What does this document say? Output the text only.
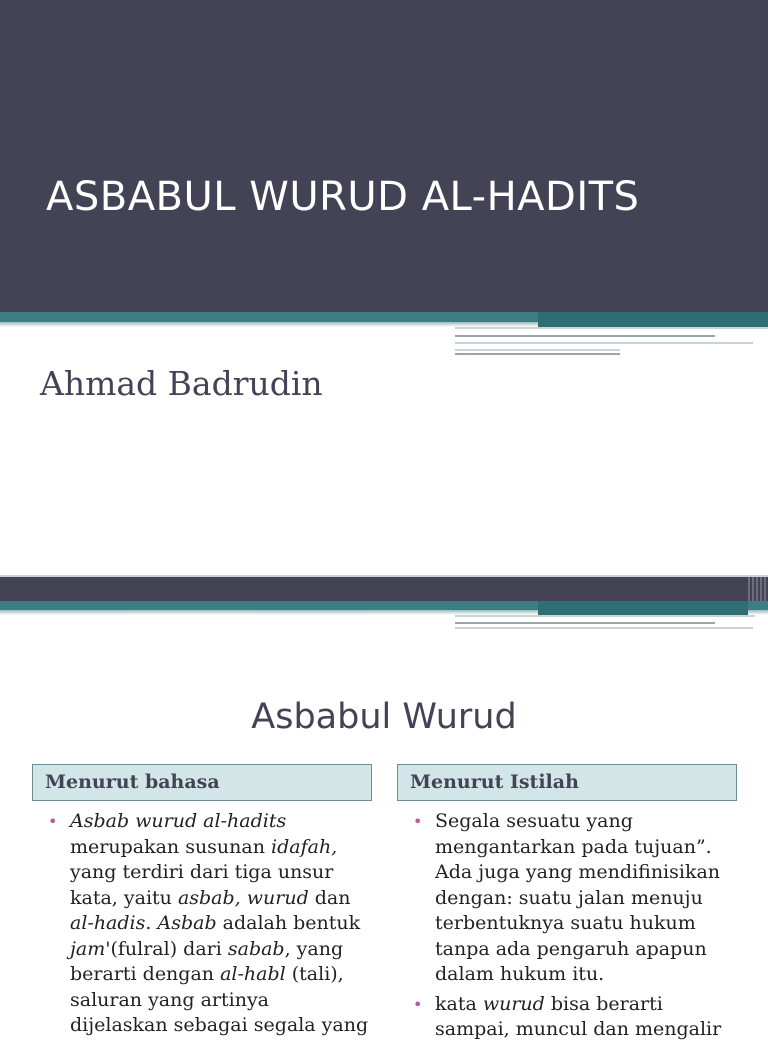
ASBABUL WURUD AL-HADITS
Ahmad Badrudin
Asbabul Wurud
Menurut bahasa
• Asbab wurud al-hadits merupakan susunan idafah, yang terdiri dari tiga unsur kata, yaitu asbab, wurud dan al-hadis. Asbab adalah bentuk jam'(fulral) dari sabab, yang berarti dengan al-habl (tali), saluran yang artinya dijelaskan sebagai segala yang
Menurut Istilah
• Segala sesuatu yang mengantarkan pada tujuan”. Ada juga yang mendifinisikan dengan: suatu jalan menuju terbentuknya suatu hukum tanpa ada pengaruh apapun dalam hukum itu.
• kata wurud bisa berarti sampai, muncul dan mengalir
